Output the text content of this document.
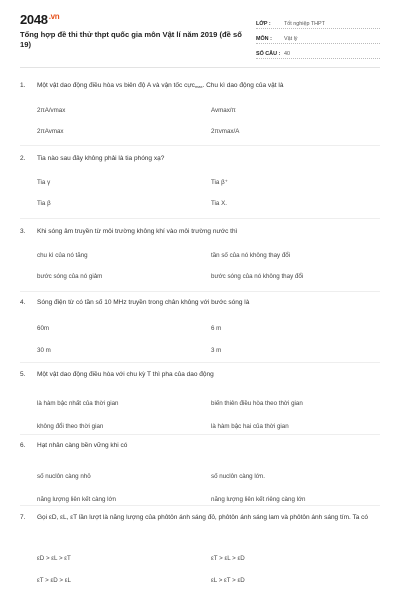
$2048^{.vn}$
Tổng hợp đề thi thử thpt quốc gia môn Vật lí năm 2019 (đề số 19)
LỚP :	Tốt nghiệp THPT
MÔN :	Vật lý
SỐ CÂU : 40
1.	Một vật dao động điều hòa vs biên độ A và vận tốc cực$_{max}$. Chu kì dao động của vật là
2πA/vmax	Avmax/π
2πAvmax	2πvmax/A
2.	Tia nào sau đây không phải là tia phóng xạ?
Tia γ	Tia β⁺
Tia β	Tia X.
3.	Khi sóng âm truyền từ môi trường không khí vào môi trường nước thì
chu kì của nó tăng	tần số của nó không thay đổi
bước sóng của nó giảm	bước sóng của nó không thay đổi
4.	Sóng điện từ có tần số 10 MHz truyền trong chân không với bước sóng là
60m	6 m
30 m	3 m
5.	Một vật dao động điều hòa với chu kỳ T thì pha của dao động
là hàm bậc nhất của thời gian	biến thiên điều hòa theo thời gian
không đổi theo thời gian	là hàm bậc hai của thời gian
6.	Hạt nhân càng bền vững khi có
số nuclôn càng nhỏ	số nuclôn càng lớn.
năng lượng liên kết càng lớn	năng lượng liên kết riêng càng lớn
7.	Gọi εD, εL, εT lần lượt là năng lượng của phôtôn ánh sáng đỏ, phôtôn ánh sáng lam và phôtôn ánh sáng tím. Ta có
εD > εL > εT	εT > εL > εD
εT > εD > εL	εL > εT > εD
